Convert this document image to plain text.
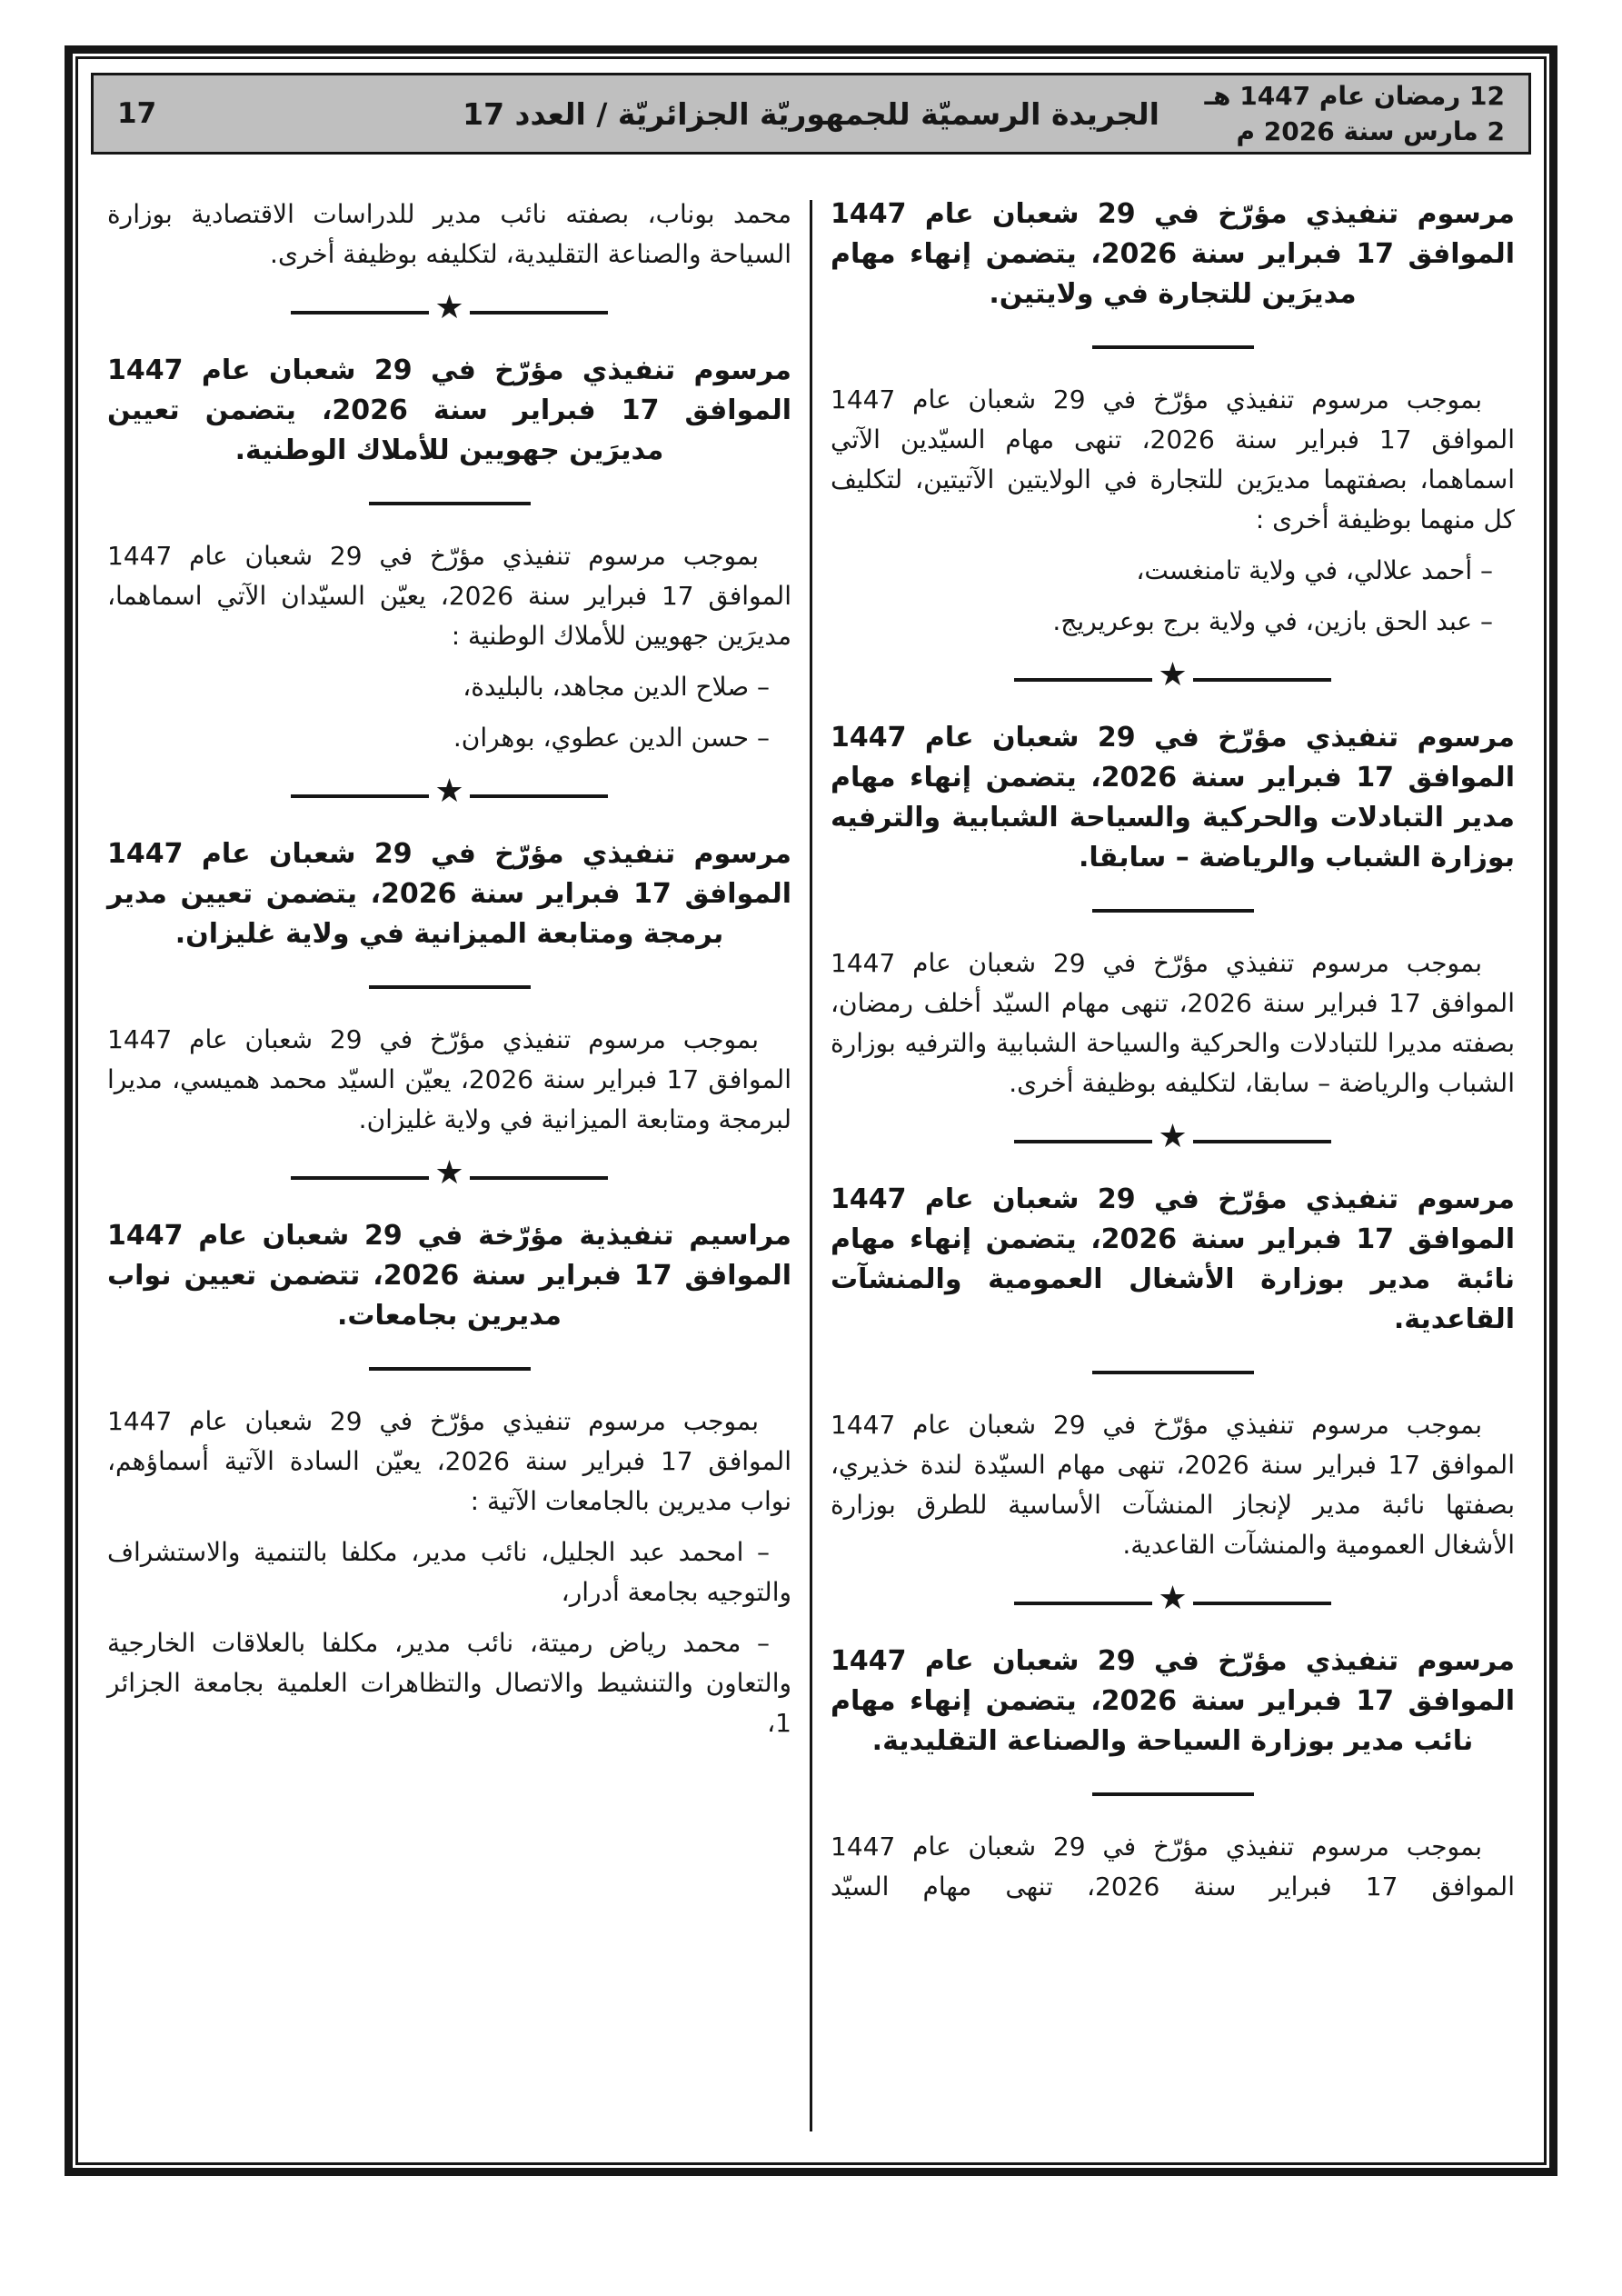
12 رمضان عام 1447 هـ
2 مارس سنة 2026 م
الجريدة الرسميّة للجمهوريّة الجزائريّة / العدد 17
17

مرسوم تنفيذي مؤرّخ في 29 شعبان عام 1447 الموافق 17 فبراير سنة 2026، يتضمن إنهاء مهام مديرَين للتجارة في ولايتين.

بموجب مرسوم تنفيذي مؤرّخ في 29 شعبان عام 1447 الموافق 17 فبراير سنة 2026، تنهى مهام السيّدين الآتي اسماهما، بصفتهما مديرَين للتجارة في الولايتين الآتيتين، لتكليف كل منهما بوظيفة أخرى :

– أحمد علالي، في ولاية تامنغست،

– عبد الحق بازين، في ولاية برج بوعريريج.

★

مرسوم تنفيذي مؤرّخ في 29 شعبان عام 1447 الموافق 17 فبراير سنة 2026، يتضمن إنهاء مهام مدير التبادلات والحركية والسياحة الشبابية والترفيه بوزارة الشباب والرياضة – سابقا.

بموجب مرسوم تنفيذي مؤرّخ في 29 شعبان عام 1447 الموافق 17 فبراير سنة 2026، تنهى مهام السيّد أخلف رمضان، بصفته مديرا للتبادلات والحركية والسياحة الشبابية والترفيه بوزارة الشباب والرياضة – سابقا، لتكليفه بوظيفة أخرى.

★

مرسوم تنفيذي مؤرّخ في 29 شعبان عام 1447 الموافق 17 فبراير سنة 2026، يتضمن إنهاء مهام نائبة مدير بوزارة الأشغال العمومية والمنشآت القاعدية.

بموجب مرسوم تنفيذي مؤرّخ في 29 شعبان عام 1447 الموافق 17 فبراير سنة 2026، تنهى مهام السيّدة لندة خذيري، بصفتها نائبة مدير لإنجاز المنشآت الأساسية للطرق بوزارة الأشغال العمومية والمنشآت القاعدية.

★

مرسوم تنفيذي مؤرّخ في 29 شعبان عام 1447 الموافق 17 فبراير سنة 2026، يتضمن إنهاء مهام نائب مدير بوزارة السياحة والصناعة التقليدية.

بموجب مرسوم تنفيذي مؤرّخ في 29 شعبان عام 1447 الموافق 17 فبراير سنة 2026، تنهى مهام السيّد

محمد بوناب، بصفته نائب مدير للدراسات الاقتصادية بوزارة السياحة والصناعة التقليدية، لتكليفه بوظيفة أخرى.

★

مرسوم تنفيذي مؤرّخ في 29 شعبان عام 1447 الموافق 17 فبراير سنة 2026، يتضمن تعيين مديرَين جهويين للأملاك الوطنية.

بموجب مرسوم تنفيذي مؤرّخ في 29 شعبان عام 1447 الموافق 17 فبراير سنة 2026، يعيّن السيّدان الآتي اسماهما، مديرَين جهويين للأملاك الوطنية :

– صلاح الدين مجاهد، بالبليدة،

– حسن الدين عطوي، بوهران.

★

مرسوم تنفيذي مؤرّخ في 29 شعبان عام 1447 الموافق 17 فبراير سنة 2026، يتضمن تعيين مدير برمجة ومتابعة الميزانية في ولاية غليزان.

بموجب مرسوم تنفيذي مؤرّخ في 29 شعبان عام 1447 الموافق 17 فبراير سنة 2026، يعيّن السيّد محمد هميسي، مديرا لبرمجة ومتابعة الميزانية في ولاية غليزان.

★

مراسيم تنفيذية مؤرّخة في 29 شعبان عام 1447 الموافق 17 فبراير سنة 2026، تتضمن تعيين نواب مديرين بجامعات.

بموجب مرسوم تنفيذي مؤرّخ في 29 شعبان عام 1447 الموافق 17 فبراير سنة 2026، يعيّن السادة الآتية أسماؤهم، نواب مديرين بالجامعات الآتية :

– امحمد عبد الجليل، نائب مدير، مكلفا بالتنمية والاستشراف والتوجيه بجامعة أدرار،

– محمد رياض رميتة، نائب مدير، مكلفا بالعلاقات الخارجية والتعاون والتنشيط والاتصال والتظاهرات العلمية بجامعة الجزائر 1،
